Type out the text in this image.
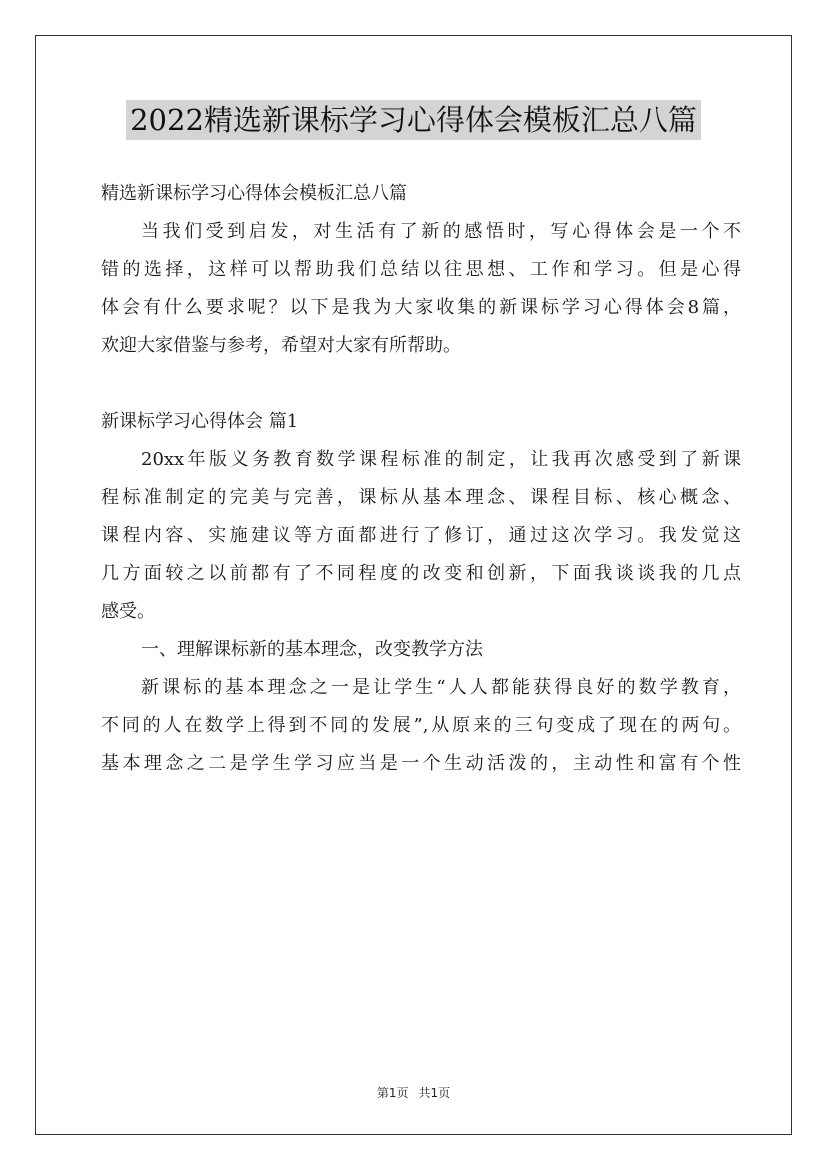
2022精选新课标学习心得体会模板汇总八篇
精选新课标学习心得体会模板汇总八篇
当我们受到启发，对生活有了新的感悟时，写心得体会是一个不
错的选择，这样可以帮助我们总结以往思想、工作和学习。但是心得
体会有什么要求呢？以下是我为大家收集的新课标学习心得体会8篇，
欢迎大家借鉴与参考，希望对大家有所帮助。
新课标学习心得体会 篇1
20xx年版义务教育数学课程标准的制定，让我再次感受到了新课
程标准制定的完美与完善，课标从基本理念、课程目标、核心概念、
课程内容、实施建议等方面都进行了修订，通过这次学习。我发觉这
几方面较之以前都有了不同程度的改变和创新，下面我谈谈我的几点
感受。
一、理解课标新的基本理念，改变教学方法
新课标的基本理念之一是让学生“人人都能获得良好的数学教育，
不同的人在数学上得到不同的发展”,从原来的三句变成了现在的两句。
基本理念之二是学生学习应当是一个生动活泼的，主动性和富有个性
第1页 共1页
